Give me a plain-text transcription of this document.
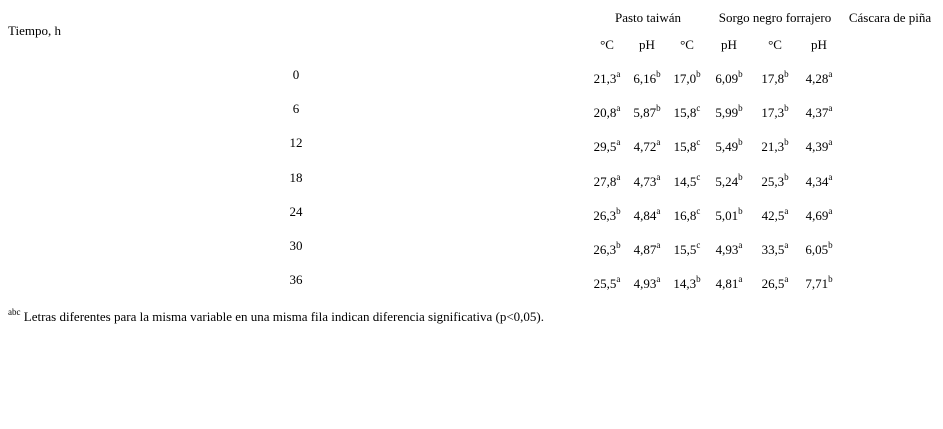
Tiempo, h
Pasto taiwán	Sorgo negro forrajero Cáscara de piña
°C pH °C pH °C pH
0	21,3$^a$ 6,16$^b$ 17,0$^b$ 6,09$^b$ 17,8$^b$ 4,28$^a$
6	20,8$^a$ 5,87$^b$ 15,8$^c$ 5,99$^b$ 17,3$^b$ 4,37$^a$
12	29,5$^a$ 4,72$^a$ 15,8$^c$ 5,49$^b$ 21,3$^b$ 4,39$^a$
18	27,8$^a$ 4,73$^a$ 14,5$^c$ 5,24$^b$ 25,3$^b$ 4,34$^a$
24	26,3$^b$ 4,84$^a$ 16,8$^c$ 5,01$^b$ 42,5$^a$ 4,69$^a$
30	26,3$^b$ 4,87$^a$ 15,5$^c$ 4,93$^a$ 33,5$^a$ 6,05$^b$
36	25,5$^a$ 4,93$^a$ 14,3$^b$ 4,81$^a$ 26,5$^a$ 7,71$^b$
$^{abc}$ Letras diferentes para la misma variable en una misma fila indican diferencia significativa (p<0,05).
